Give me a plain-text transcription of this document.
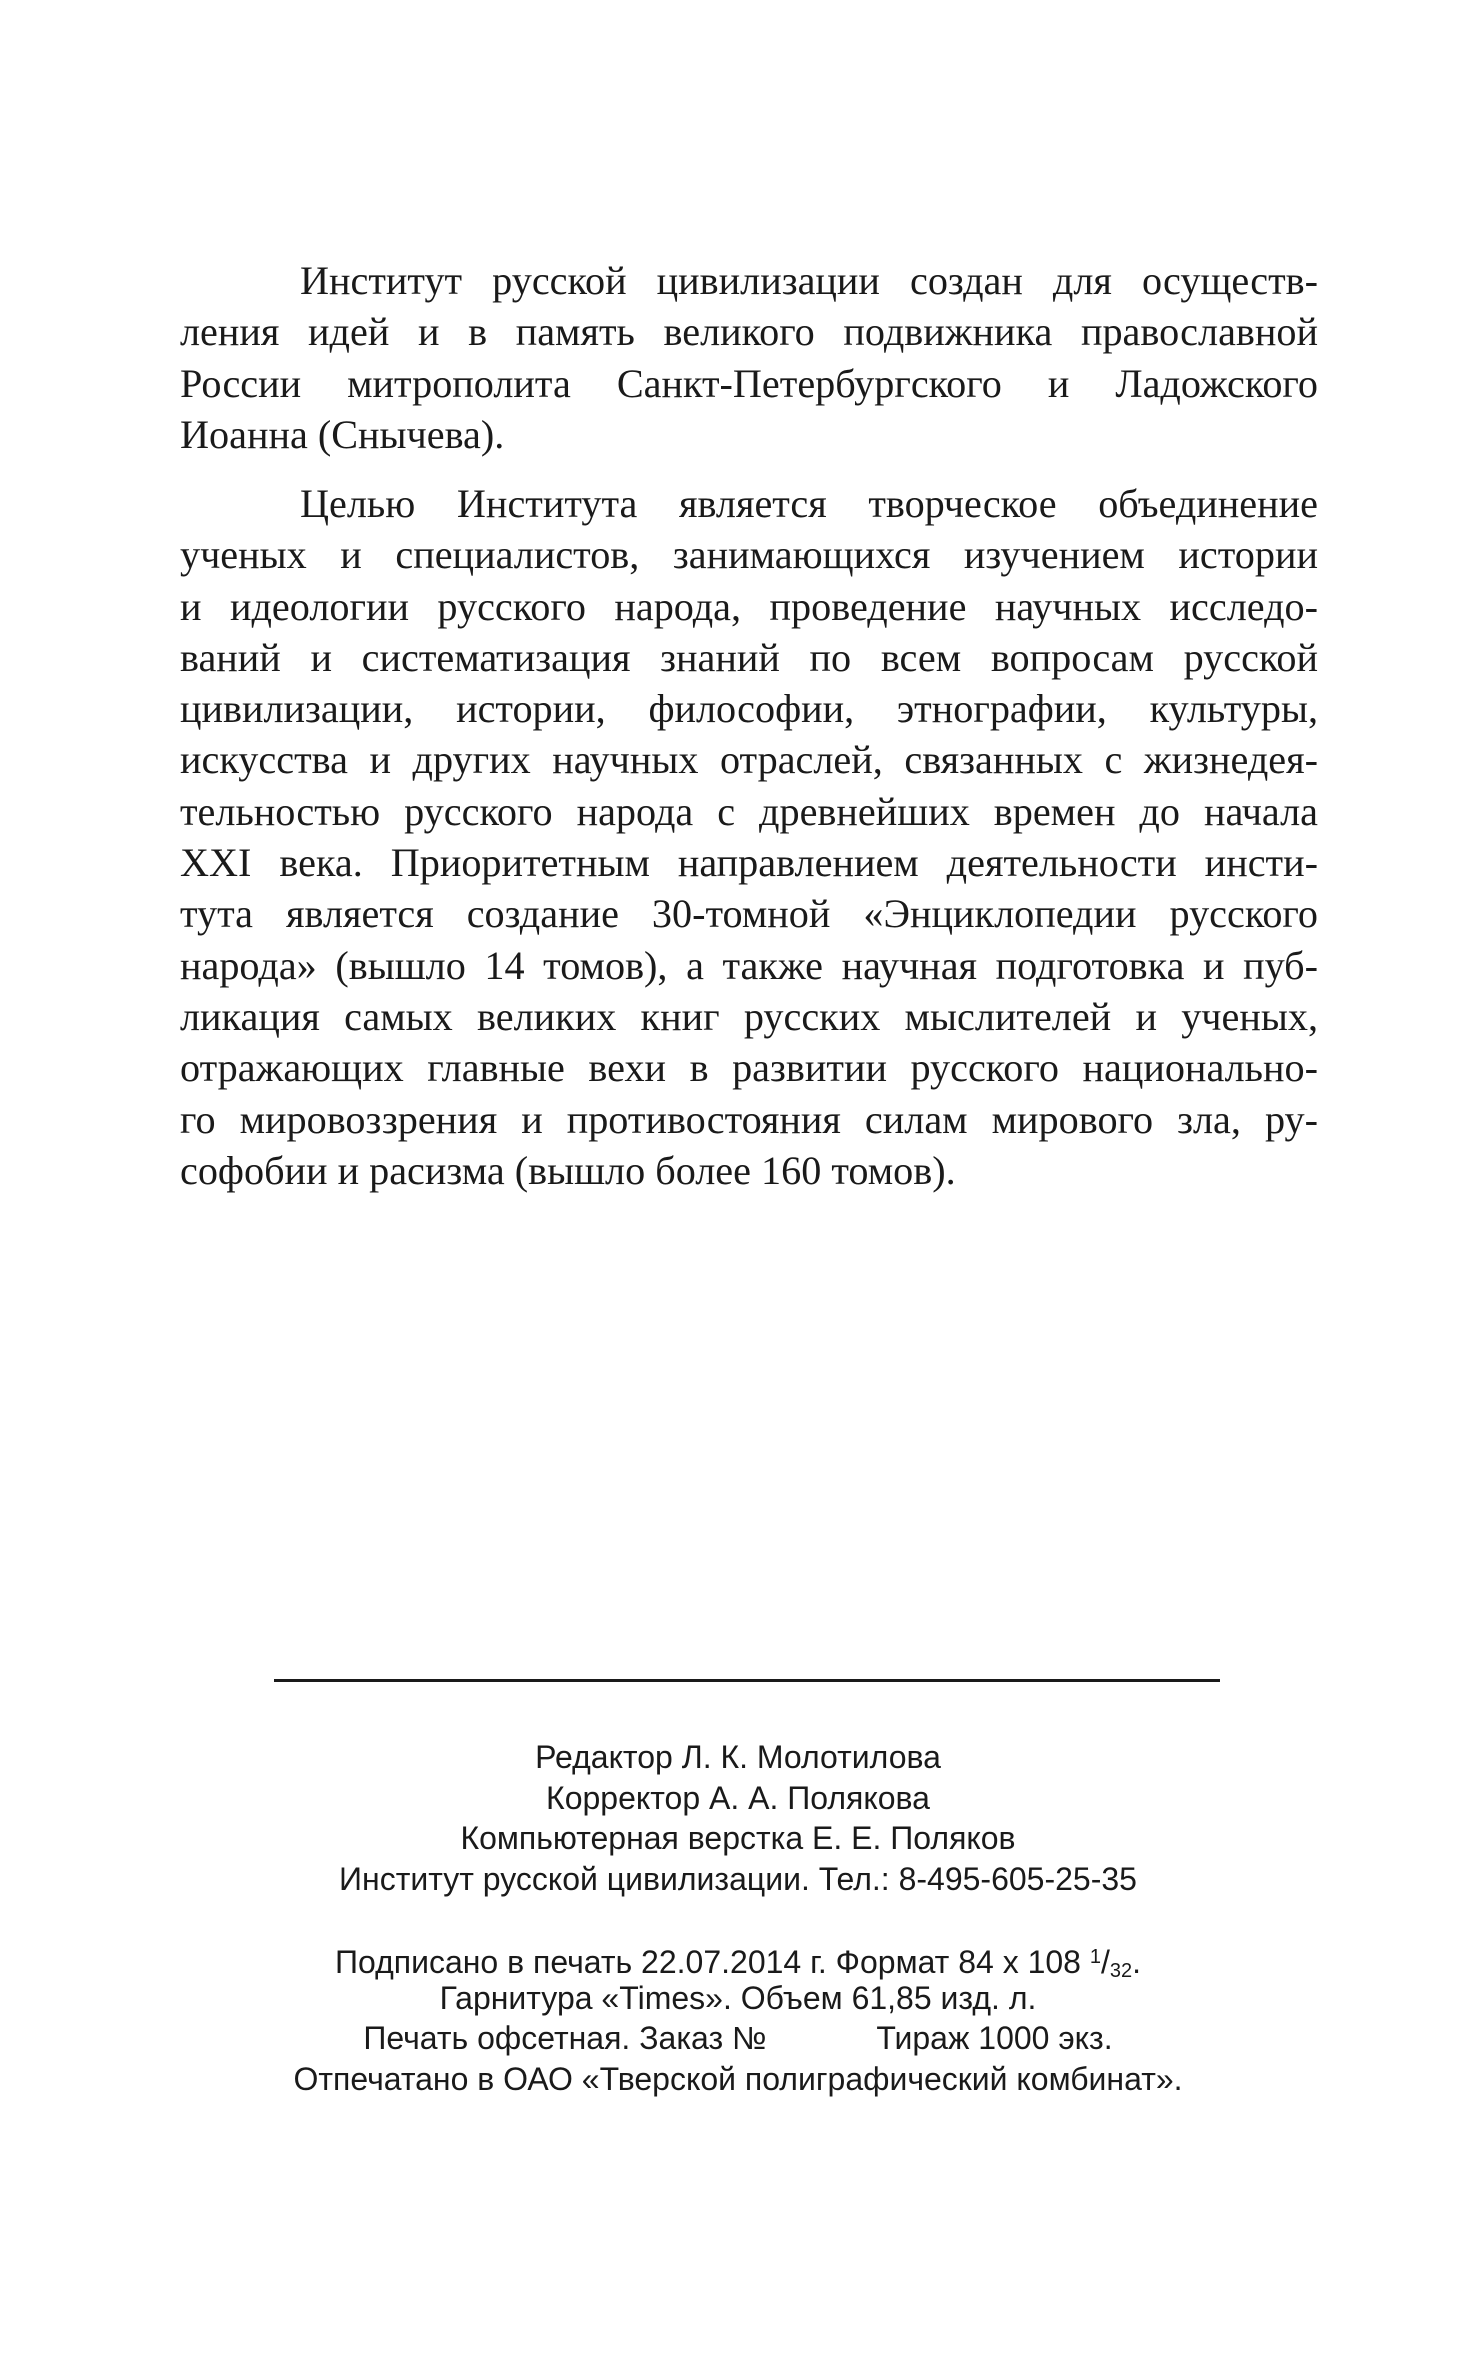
Институт русской цивилизации создан для осуществ-
ления идей и в память великого подвижника православной
России митрополита Санкт-Петербургского и Ладожского
Иоанна (Снычева).
Целью Института является творческое объединение
ученых и специалистов, занимающихся изучением истории
и идеологии русского народа, проведение научных исследо-
ваний и систематизация знаний по всем вопросам русской
цивилизации, истории, философии, этнографии, культуры,
искусства и других научных отраслей, связанных с жизнедея-
тельностью русского народа с древнейших времен до начала
XXI века. Приоритетным направлением деятельности инсти-
тута является создание 30-томной «Энциклопедии русского
народа» (вышло 14 томов), а также научная подготовка и пуб-
ликация самых великих книг русских мыслителей и ученых,
отражающих главные вехи в развитии русского национально-
го мировоззрения и противостояния силам мирового зла, ру-
софобии и расизма (вышло более 160 томов).
Редактор Л. К. Молотилова
Корректор А. А. Полякова
Компьютерная верстка Е. Е. Поляков
Институт русской цивилизации. Тел.: 8-495-605-25-35
Подписано в печать 22.07.2014 г. Формат 84 х 108 $^1$/32.
Гарнитура «Times». Объем 61,85 изд. л.
Печать офсетная. Заказ №	Тираж 1000 экз.
Отпечатано в ОАО «Тверской полиграфический комбинат».
